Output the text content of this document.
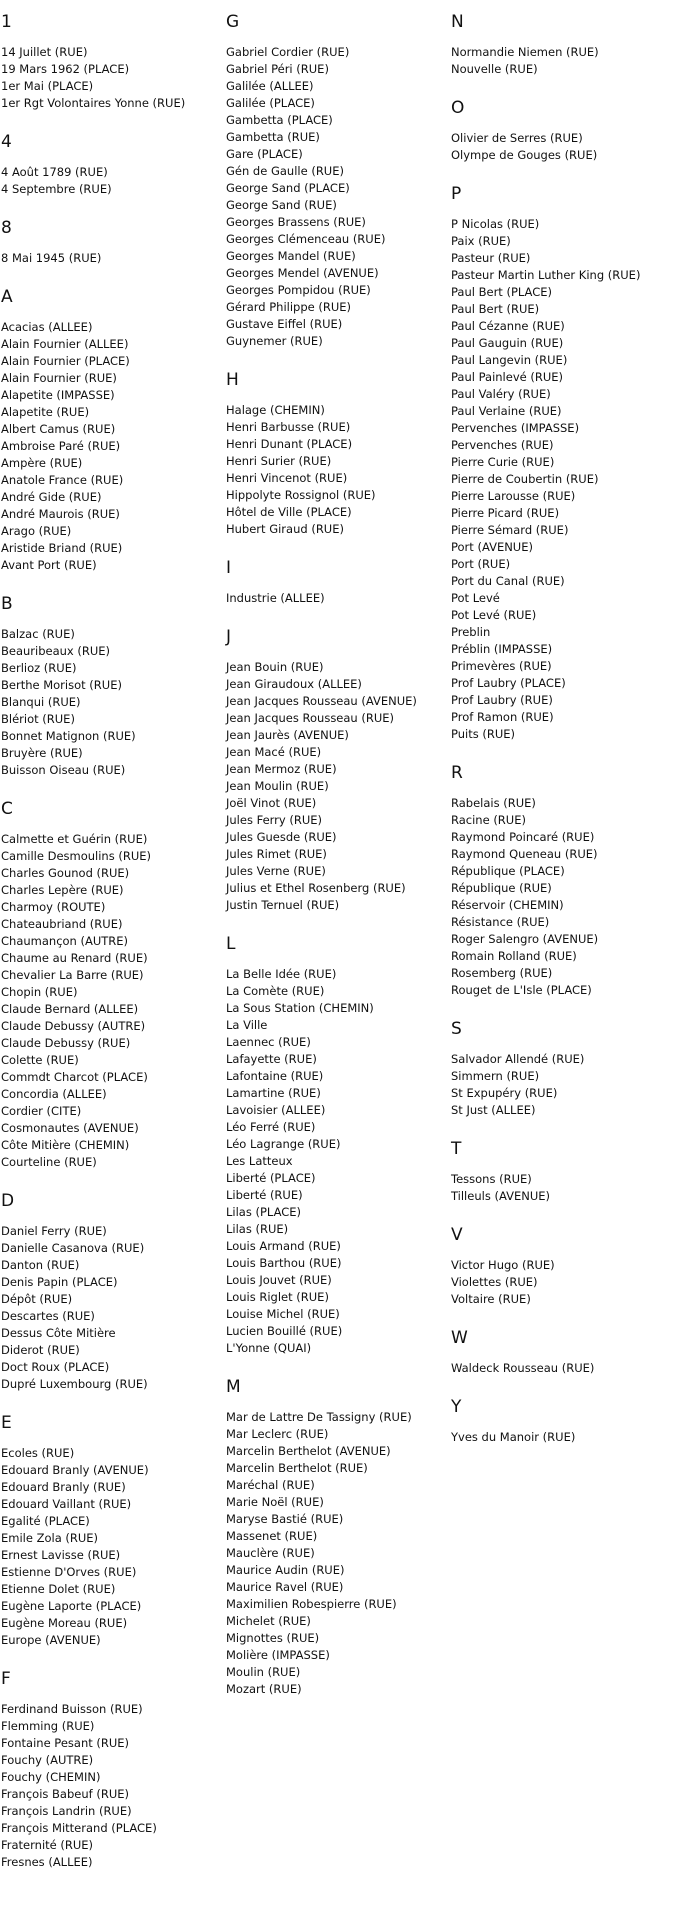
1
14 Juillet (RUE)
19 Mars 1962 (PLACE)
1er Mai (PLACE)
1er Rgt Volontaires Yonne (RUE)
4
4 Août 1789 (RUE)
4 Septembre (RUE)
8
8 Mai 1945 (RUE)
A
Acacias (ALLEE)
Alain Fournier (ALLEE)
Alain Fournier (PLACE)
Alain Fournier (RUE)
Alapetite (IMPASSE)
Alapetite (RUE)
Albert Camus (RUE)
Ambroise Paré (RUE)
Ampère (RUE)
Anatole France (RUE)
André Gide (RUE)
André Maurois (RUE)
Arago (RUE)
Aristide Briand (RUE)
Avant Port (RUE)
B
Balzac (RUE)
Beauribeaux (RUE)
Berlioz (RUE)
Berthe Morisot (RUE)
Blanqui (RUE)
Blériot (RUE)
Bonnet Matignon (RUE)
Bruyère (RUE)
Buisson Oiseau (RUE)
C
Calmette et Guérin (RUE)
Camille Desmoulins (RUE)
Charles Gounod (RUE)
Charles Lepère (RUE)
Charmoy (ROUTE)
Chateaubriand (RUE)
Chaumançon (AUTRE)
Chaume au Renard (RUE)
Chevalier La Barre (RUE)
Chopin (RUE)
Claude Bernard (ALLEE)
Claude Debussy (AUTRE)
Claude Debussy (RUE)
Colette (RUE)
Commdt Charcot (PLACE)
Concordia (ALLEE)
Cordier (CITE)
Cosmonautes (AVENUE)
Côte Mitière (CHEMIN)
Courteline (RUE)
D
Daniel Ferry (RUE)
Danielle Casanova (RUE)
Danton (RUE)
Denis Papin (PLACE)
Dépôt (RUE)
Descartes (RUE)
Dessus Côte Mitière
Diderot (RUE)
Doct Roux (PLACE)
Dupré Luxembourg (RUE)
E
Ecoles (RUE)
Edouard Branly (AVENUE)
Edouard Branly (RUE)
Edouard Vaillant (RUE)
Egalité (PLACE)
Emile Zola (RUE)
Ernest Lavisse (RUE)
Estienne D'Orves (RUE)
Etienne Dolet (RUE)
Eugène Laporte (PLACE)
Eugène Moreau (RUE)
Europe (AVENUE)
F
Ferdinand Buisson (RUE)
Flemming (RUE)
Fontaine Pesant (RUE)
Fouchy (AUTRE)
Fouchy (CHEMIN)
François Babeuf (RUE)
François Landrin (RUE)
François Mitterand (PLACE)
Fraternité (RUE)
Fresnes (ALLEE)
G
Gabriel Cordier (RUE)
Gabriel Péri (RUE)
Galilée (ALLEE)
Galilée (PLACE)
Gambetta (PLACE)
Gambetta (RUE)
Gare (PLACE)
Gén de Gaulle (RUE)
George Sand (PLACE)
George Sand (RUE)
Georges Brassens (RUE)
Georges Clémenceau (RUE)
Georges Mandel (RUE)
Georges Mendel (AVENUE)
Georges Pompidou (RUE)
Gérard Philippe (RUE)
Gustave Eiffel (RUE)
Guynemer (RUE)
H
Halage (CHEMIN)
Henri Barbusse (RUE)
Henri Dunant (PLACE)
Henri Surier (RUE)
Henri Vincenot (RUE)
Hippolyte Rossignol (RUE)
Hôtel de Ville (PLACE)
Hubert Giraud (RUE)
I
Industrie (ALLEE)
J
Jean Bouin (RUE)
Jean Giraudoux (ALLEE)
Jean Jacques Rousseau (AVENUE)
Jean Jacques Rousseau (RUE)
Jean Jaurès (AVENUE)
Jean Macé (RUE)
Jean Mermoz (RUE)
Jean Moulin (RUE)
Joël Vinot (RUE)
Jules Ferry (RUE)
Jules Guesde (RUE)
Jules Rimet (RUE)
Jules Verne (RUE)
Julius et Ethel Rosenberg (RUE)
Justin Ternuel (RUE)
L
La Belle Idée (RUE)
La Comète (RUE)
La Sous Station (CHEMIN)
La Ville
Laennec (RUE)
Lafayette (RUE)
Lafontaine (RUE)
Lamartine (RUE)
Lavoisier (ALLEE)
Léo Ferré (RUE)
Léo Lagrange (RUE)
Les Latteux
Liberté (PLACE)
Liberté (RUE)
Lilas (PLACE)
Lilas (RUE)
Louis Armand (RUE)
Louis Barthou (RUE)
Louis Jouvet (RUE)
Louis Riglet (RUE)
Louise Michel (RUE)
Lucien Bouillé (RUE)
L'Yonne (QUAI)
M
Mar de Lattre De Tassigny (RUE)
Mar Leclerc (RUE)
Marcelin Berthelot (AVENUE)
Marcelin Berthelot (RUE)
Maréchal (RUE)
Marie Noël (RUE)
Maryse Bastié (RUE)
Massenet (RUE)
Mauclère (RUE)
Maurice Audin (RUE)
Maurice Ravel (RUE)
Maximilien Robespierre (RUE)
Michelet (RUE)
Mignottes (RUE)
Molière (IMPASSE)
Moulin (RUE)
Mozart (RUE)
N
Normandie Niemen (RUE)
Nouvelle (RUE)
O
Olivier de Serres (RUE)
Olympe de Gouges (RUE)
P
P Nicolas (RUE)
Paix (RUE)
Pasteur (RUE)
Pasteur Martin Luther King (RUE)
Paul Bert (PLACE)
Paul Bert (RUE)
Paul Cézanne (RUE)
Paul Gauguin (RUE)
Paul Langevin (RUE)
Paul Painlevé (RUE)
Paul Valéry (RUE)
Paul Verlaine (RUE)
Pervenches (IMPASSE)
Pervenches (RUE)
Pierre Curie (RUE)
Pierre de Coubertin (RUE)
Pierre Larousse (RUE)
Pierre Picard (RUE)
Pierre Sémard (RUE)
Port (AVENUE)
Port (RUE)
Port du Canal (RUE)
Pot Levé
Pot Levé (RUE)
Preblin
Préblin (IMPASSE)
Primevères (RUE)
Prof Laubry (PLACE)
Prof Laubry (RUE)
Prof Ramon (RUE)
Puits (RUE)
R
Rabelais (RUE)
Racine (RUE)
Raymond Poincaré (RUE)
Raymond Queneau (RUE)
République (PLACE)
République (RUE)
Réservoir (CHEMIN)
Résistance (RUE)
Roger Salengro (AVENUE)
Romain Rolland (RUE)
Rosemberg (RUE)
Rouget de L'Isle (PLACE)
S
Salvador Allendé (RUE)
Simmern (RUE)
St Expupéry (RUE)
St Just (ALLEE)
T
Tessons (RUE)
Tilleuls (AVENUE)
V
Victor Hugo (RUE)
Violettes (RUE)
Voltaire (RUE)
W
Waldeck Rousseau (RUE)
Y
Yves du Manoir (RUE)
